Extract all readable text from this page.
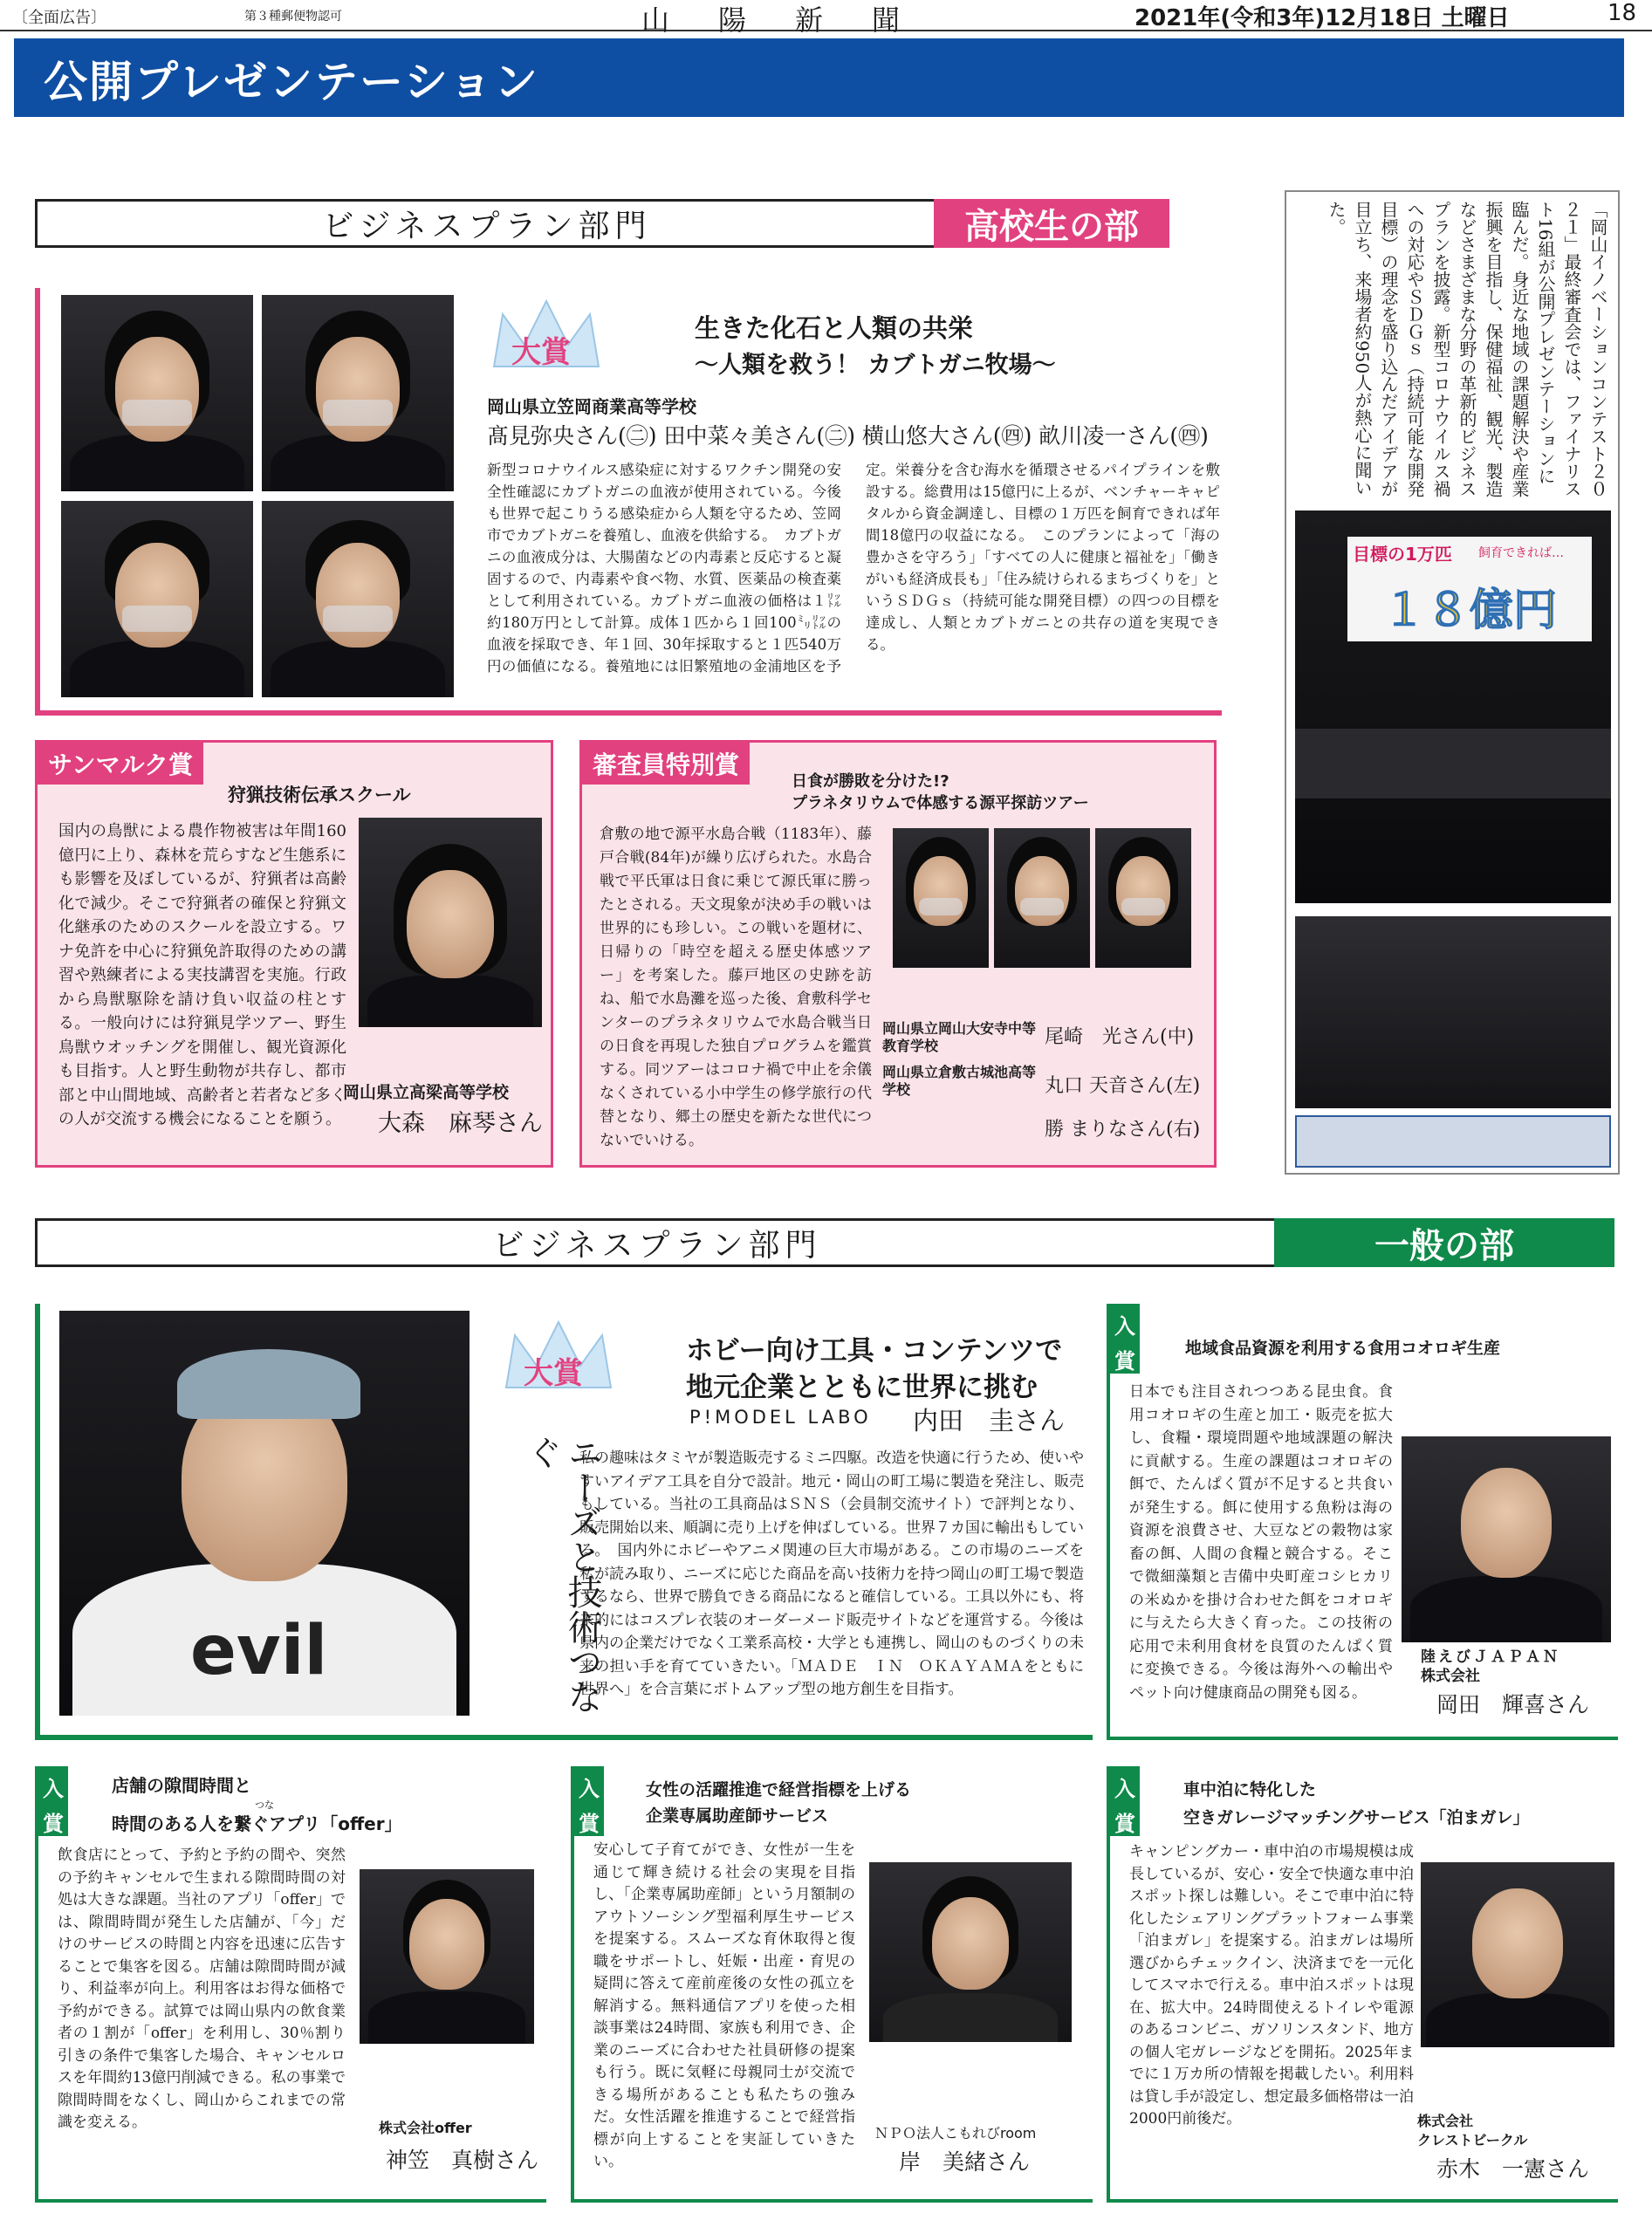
〔全面広告〕	第３種郵便物認可	山陽新聞	2021年(令和3年)12月18日 土曜日	18
公開プレゼンテーション
ビジネスプラン部門	高校生の部
大賞
生きた化石と人類の共栄
〜人類を救う！ カブトガニ牧場〜
岡山県立笠岡商業高等学校
髙見弥央さん(㊁) 田中菜々美さん(㊁) 横山悠大さん(㊃) 畝川凌一さん(㊃)
新型コロナウイルス感染症に対するワクチン開発の安全性確認にカブトガニの血液が使用されている。今後も世界で起こりうる感染症から人類を守るため、笠岡市でカブトガニを養殖し、血液を供給する。　カブトガニの血液成分は、大腸菌などの内毒素と反応すると凝固するので、内毒素や食べ物、水質、医薬品の検査薬として利用されている。カブトガニ血液の価格は１㍑約180万円として計算。成体１匹から１回100㍉㍑の血液を採取でき、年１回、30年採取すると１匹540万円の価値になる。養殖地には旧繁殖地の金浦地区を予定。栄養分を含む海水を循環させるパイプラインを敷設する。総費用は15億円に上るが、ベンチャーキャピタルから資金調達し、目標の１万匹を飼育できれば年間18億円の収益になる。　このプランによって「海の豊かさを守ろう」「すべての人に健康と福祉を」「働きがいも経済成長も」「住み続けられるまちづくりを」というＳＤＧｓ（持続可能な開発目標）の四つの目標を達成し、人類とカブトガニとの共存の道を実現できる。
「岡山イノベーションコンテスト２０２１」最終審査会では、ファイナリスト16組が公開プレゼンテーションに臨んだ。身近な地域の課題解決や産業振興を目指し、保健福祉、観光、製造などさまざまな分野の革新的ビジネスプランを披露。新型コロナウイルス禍への対応やＳＤＧｓ（持続可能な開発目標）の理念を盛り込んだアイデアが目立ち、来場者約950人が熱心に聞いた。
目標の1万匹 飼育できれば…
１８億円
サンマルク賞
狩猟技術伝承スクール
国内の鳥獣による農作物被害は年間160億円に上り、森林を荒らすなど生態系にも影響を及ぼしているが、狩猟者は高齢化で減少。そこで狩猟者の確保と狩猟文化継承のためのスクールを設立する。ワナ免許を中心に狩猟免許取得のための講習や熟練者による実技講習を実施。行政から鳥獣駆除を請け負い収益の柱とする。一般向けには狩猟見学ツアー、野生鳥獣ウオッチングを開催し、観光資源化も目指す。人と野生動物が共存し、都市部と中山間地域、高齢者と若者など多くの人が交流する機会になることを願う。
岡山県立高梁高等学校
大森　麻琴さん
審査員特別賞
日食が勝敗を分けた!?
プラネタリウムで体感する源平探訪ツアー
倉敷の地で源平水島合戦（1183年）、藤戸合戦(84年)が繰り広げられた。水島合戦で平氏軍は日食に乗じて源氏軍に勝ったとされる。天文現象が決め手の戦いは世界的にも珍しい。この戦いを題材に、日帰りの「時空を超える歴史体感ツアー」を考案した。藤戸地区の史跡を訪ね、船で水島灘を巡った後、倉敷科学センターのプラネタリウムで水島合戦当日の日食を再現した独自プログラムを鑑賞する。同ツアーはコロナ禍で中止を余儀なくされている小中学生の修学旅行の代替となり、郷土の歴史を新たな世代につないでいける。
岡山県立岡山大安寺中等教育学校	尾崎　光さん(中)
岡山県立倉敷古城池高等学校	丸口 天音さん(左)
勝 まりなさん(右)
ビジネスプラン部門	一般の部
evil
大賞
ホビー向け工具・コンテンツで
地元企業とともに世界に挑む
P!MODEL LABO 内田　圭さん
ニーズと技術つなぐ	私の趣味はタミヤが製造販売するミニ四駆。改造を快適に行うため、使いやすいアイデア工具を自分で設計。地元・岡山の町工場に製造を発注し、販売もしている。当社の工具商品はＳＮＳ（会員制交流サイト）で評判となり、販売開始以来、順調に売り上げを伸ばしている。世界７カ国に輸出もしている。　国内外にホビーやアニメ関連の巨大市場がある。この市場のニーズを私が読み取り、ニーズに応じた商品を高い技術力を持つ岡山の町工場で製造するなら、世界で勝負できる商品になると確信している。工具以外にも、将来的にはコスプレ衣装のオーダーメード販売サイトなどを運営する。今後は県内の企業だけでなく工業系高校・大学とも連携し、岡山のものづくりの未来の担い手を育てていきたい。「ＭＡＤＥ　ＩＮ　ＯＫＡＹＡＭＡをともに世界へ」を合言葉にボトムアップ型の地方創生を目指す。
入賞
地域食品資源を利用する食用コオロギ生産
日本でも注目されつつある昆虫食。食用コオロギの生産と加工・販売を拡大し、食糧・環境問題や地域課題の解決に貢献する。生産の課題はコオロギの餌で、たんぱく質が不足すると共食いが発生する。餌に使用する魚粉は海の資源を浪費させ、大豆などの穀物は家畜の餌、人間の食糧と競合する。そこで微細藻類と吉備中央町産コシヒカリの米ぬかを掛け合わせた餌をコオロギに与えたら大きく育った。この技術の応用で未利用食材を良質のたんぱく質に変換できる。今後は海外への輸出やペット向け健康商品の開発も図る。
陸えびＪＡＰＡＮ
株式会社
岡田　輝喜さん
入賞
店舗の隙間時間と
つな
時間のある人を繋ぐアプリ「offer」
飲食店にとって、予約と予約の間や、突然の予約キャンセルで生まれる隙間時間の対処は大きな課題。当社のアプリ「offer」では、隙間時間が発生した店舗が、「今」だけのサービスの時間と内容を迅速に広告することで集客を図る。店舗は隙間時間が減り、利益率が向上。利用客はお得な価格で予約ができる。試算では岡山県内の飲食業者の１割が「offer」を利用し、30％割り引きの条件で集客した場合、キャンセルロスを年間約13億円削減できる。私の事業で隙間時間をなくし、岡山からこれまでの常識を変える。	株式会社offer
神笠　真樹さん
入賞
女性の活躍推進で経営指標を上げる
企業専属助産師サービス
安心して子育てができ、女性が一生を通じて輝き続ける社会の実現を目指し、「企業専属助産師」という月額制のアウトソーシング型福利厚生サービスを提案する。スムーズな育休取得と復職をサポートし、妊娠・出産・育児の疑問に答えて産前産後の女性の孤立を解消する。無料通信アプリを使った相談事業は24時間、家族も利用でき、企業のニーズに合わせた社員研修の提案も行う。既に気軽に母親同士が交流できる場所があることも私たちの強みだ。女性活躍を推進することで経営指標が向上することを実証していきたい。
ＮＰＯ法人こもれびroom
岸　美緒さん
入賞
車中泊に特化した
空きガレージマッチングサービス「泊まガレ」
キャンピングカー・車中泊の市場規模は成長しているが、安心・安全で快適な車中泊スポット探しは難しい。そこで車中泊に特化したシェアリングプラットフォーム事業「泊まガレ」を提案する。泊まガレは場所選びからチェックイン、決済までを一元化してスマホで行える。車中泊スポットは現在、拡大中。24時間使えるトイレや電源のあるコンビニ、ガソリンスタンド、地方の個人宅ガレージなどを開拓。2025年までに１万カ所の情報を掲載したい。利用料は貸し手が設定し、想定最多価格帯は一泊2000円前後だ。	株式会社
クレストビークル
赤木　一憲さん
